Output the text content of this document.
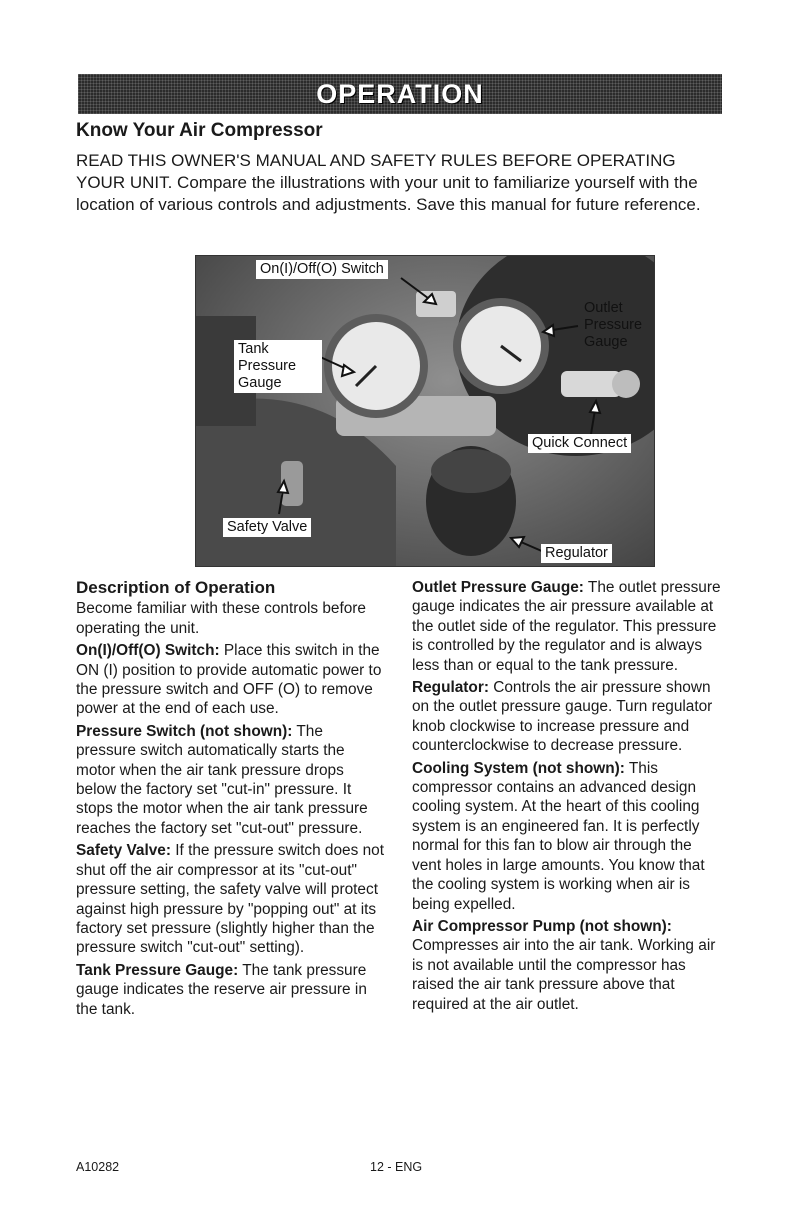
OPERATION
Know Your Air Compressor

READ THIS OWNER'S MANUAL AND SAFETY RULES BEFORE OPERATING YOUR UNIT. Compare the illustrations with your unit to familiarize yourself with the location of various controls and adjustments. Save this manual for future reference.

On(I)/Off(O) Switch
Tank Pressure Gauge
Outlet Pressure Gauge
Quick Connect
Safety Valve
Regulator
Description of Operation

Become familiar with these controls before operating the unit.

On(I)/Off(O) Switch: Place this switch in the ON (I) position to provide automatic power to the pressure switch and OFF (O) to remove power at the end of each use.

Pressure Switch (not shown): The pressure switch automatically starts the motor when the air tank pressure drops below the factory set "cut-in" pressure. It stops the motor when the air tank pressure reaches the factory set "cut-out" pressure.

Safety Valve: If the pressure switch does not shut off the air compressor at its "cut-out" pressure setting, the safety valve will protect against high pressure by "popping out" at its factory set pressure (slightly higher than the pressure switch "cut-out" setting).

Tank Pressure Gauge: The tank pressure gauge indicates the reserve air pressure in the tank.

Outlet Pressure Gauge: The outlet pressure gauge indicates the air pressure available at the outlet side of the regulator. This pressure is controlled by the regulator and is always less than or equal to the tank pressure.

Regulator: Controls the air pressure shown on the outlet pressure gauge. Turn regulator knob clockwise to increase pressure and counterclockwise to decrease pressure.

Cooling System (not shown): This compressor contains an advanced design cooling system. At the heart of this cooling system is an engineered fan. It is perfectly normal for this fan to blow air through the vent holes in large amounts. You know that the cooling system is working when air is being expelled.

Air Compressor Pump (not shown): Compresses air into the air tank. Working air is not available until the compressor has raised the air tank pressure above that required at the air outlet.

A10282	12 - ENG
